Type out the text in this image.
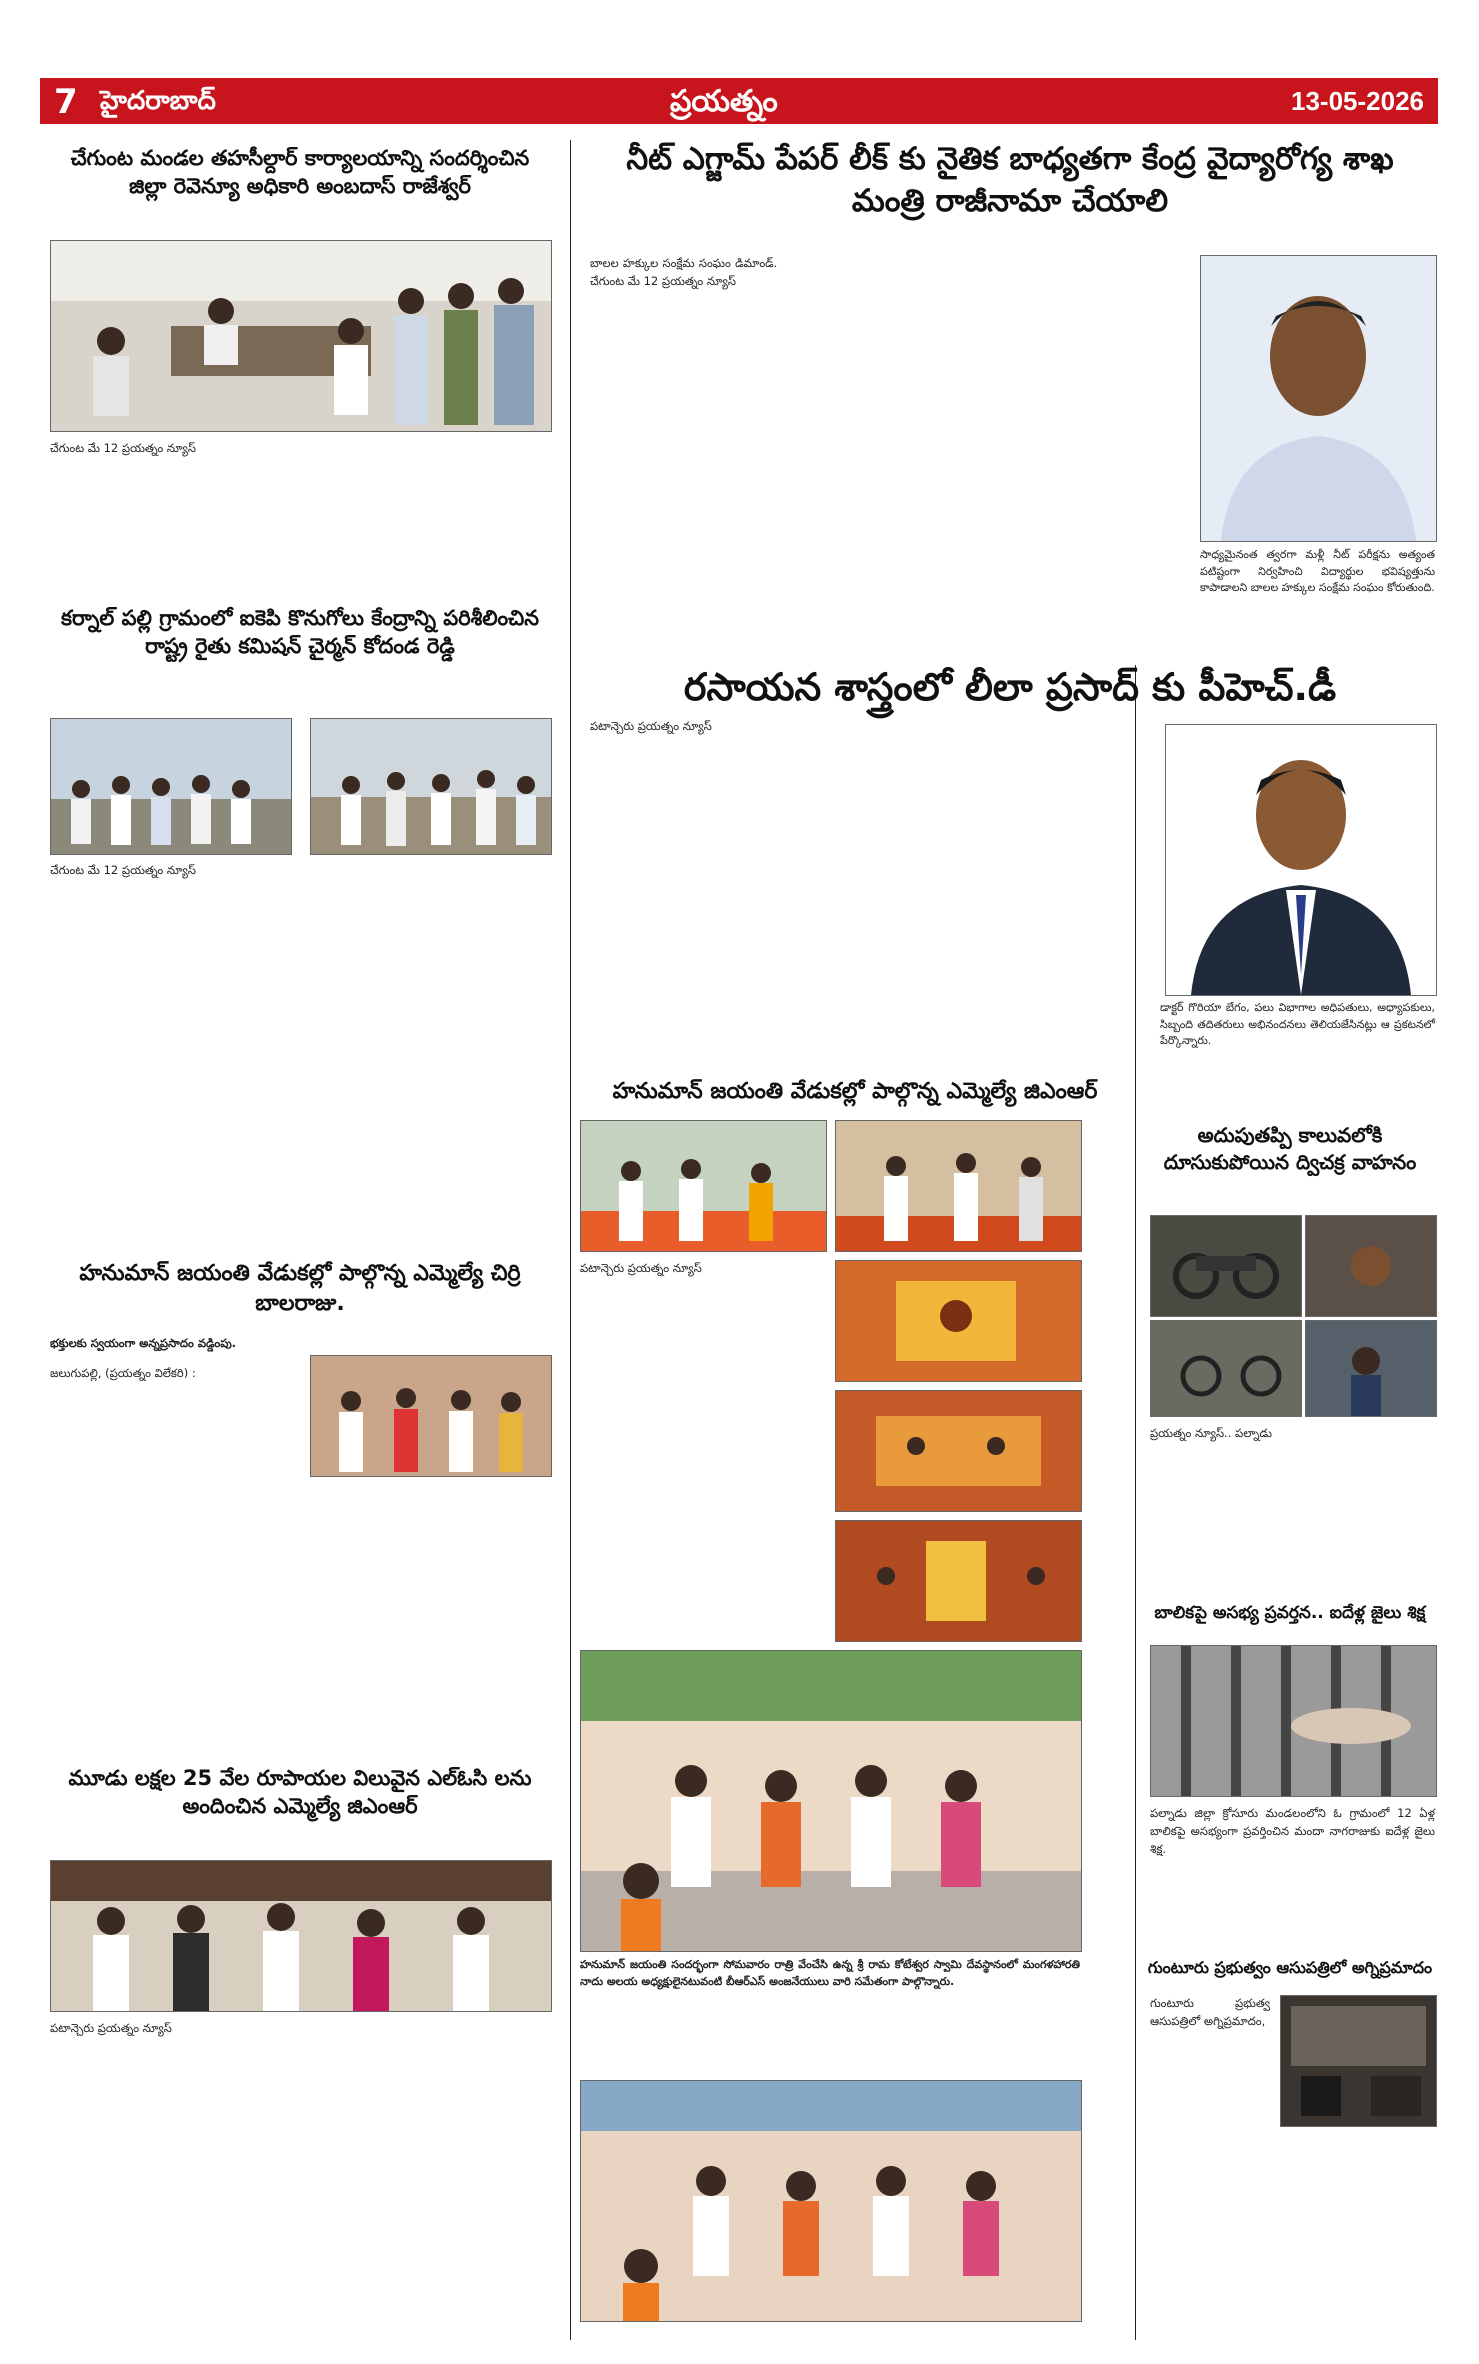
7 హైదరాబాద్	ప్రయత్నం	13-05-2026
చేగుంట మండల తహసీల్దార్ కార్యాలయాన్ని సందర్శించిన జిల్లా రెవెన్యూ అధికారి అంబదాస్ రాజేశ్వర్

చేగుంట మే 12 ప్రయత్నం న్యూస్

కర్నాల్ పల్లి గ్రామంలో ఐకెపి కొనుగోలు కేంద్రాన్ని పరిశీలించిన రాష్ట్ర రైతు కమిషన్ చైర్మన్ కోదండ రెడ్డి

చేగుంట మే 12 ప్రయత్నం న్యూస్

హనుమాన్ జయంతి వేడుకల్లో పాల్గొన్న ఎమ్మెల్యే చిర్రి బాలరాజు.
భక్తులకు స్వయంగా అన్నప్రసాదం వడ్డింపు.

జలుగుపల్లి, (ప్రయత్నం విలేకరి) :

మూడు లక్షల 25 వేల రూపాయల విలువైన ఎల్ఓసి లను అందించిన ఎమ్మెల్యే జిఎంఆర్

పటాన్చెరు ప్రయత్నం న్యూస్

నీట్ ఎగ్జామ్ పేపర్ లీక్ కు నైతిక బాధ్యతగా కేంద్ర వైద్యారోగ్య శాఖ మంత్రి రాజీనామా చేయాలి

బాలల హక్కుల సంక్షేమ సంఘం డిమాండ్. చేగుంట మే 12 ప్రయత్నం న్యూస్

సాధ్యమైనంత త్వరగా మళ్లీ నీట్ పరీక్షను అత్యంత పటిష్టంగా నిర్వహించి విద్యార్థుల భవిష్యత్తును కాపాడాలని బాలల హక్కుల సంక్షేమ సంఘం కోరుతుంది.
రసాయన శాస్త్రంలో లీలా ప్రసాద్ కు పీహెచ్.డీ

పటాన్చెరు ప్రయత్నం న్యూస్

డాక్టర్ గొరియా బేగం, పలు విభాగాల అధిపతులు, అధ్యాపకులు, సిబ్బంది తదితరులు అభినందనలు తెలియజేసినట్లు ఆ ప్రకటనలో పేర్కొన్నారు.
హనుమాన్ జయంతి వేడుకల్లో పాల్గొన్న ఎమ్మెల్యే జిఎంఆర్

పటాన్చెరు ప్రయత్నం న్యూస్

హనుమాన్ జయంతి సందర్భంగా సోమవారం రాత్రి వేంచేసి ఉన్న శ్రీ రామ కోటేశ్వర స్వామి దేవస్థానంలో మంగళహారతి నాదు అలయ అధ్యక్షులైనటువంటి బీఆర్ఎస్ అంజనేయులు వారి సమేతంగా పాల్గొన్నారు.
అదుపుతప్పి కాలువలోకి దూసుకుపోయిన ద్విచక్ర వాహనం

ప్రయత్నం న్యూస్.. పల్నాడు

బాలికపై అసభ్య ప్రవర్తన.. ఐదేళ్ల జైలు శిక్ష

పల్నాడు జిల్లా క్రోసూరు మండలంలోని ఓ గ్రామంలో 12 ఏళ్ల బాలికపై అసభ్యంగా ప్రవర్తించిన మందా నాగరాజుకు ఐదేళ్ల జైలు శిక్ష.

గుంటూరు ప్రభుత్వం ఆసుపత్రిలో అగ్నిప్రమాదం

గుంటూరు ప్రభుత్వ ఆసుపత్రిలో అగ్నిప్రమాదం,
